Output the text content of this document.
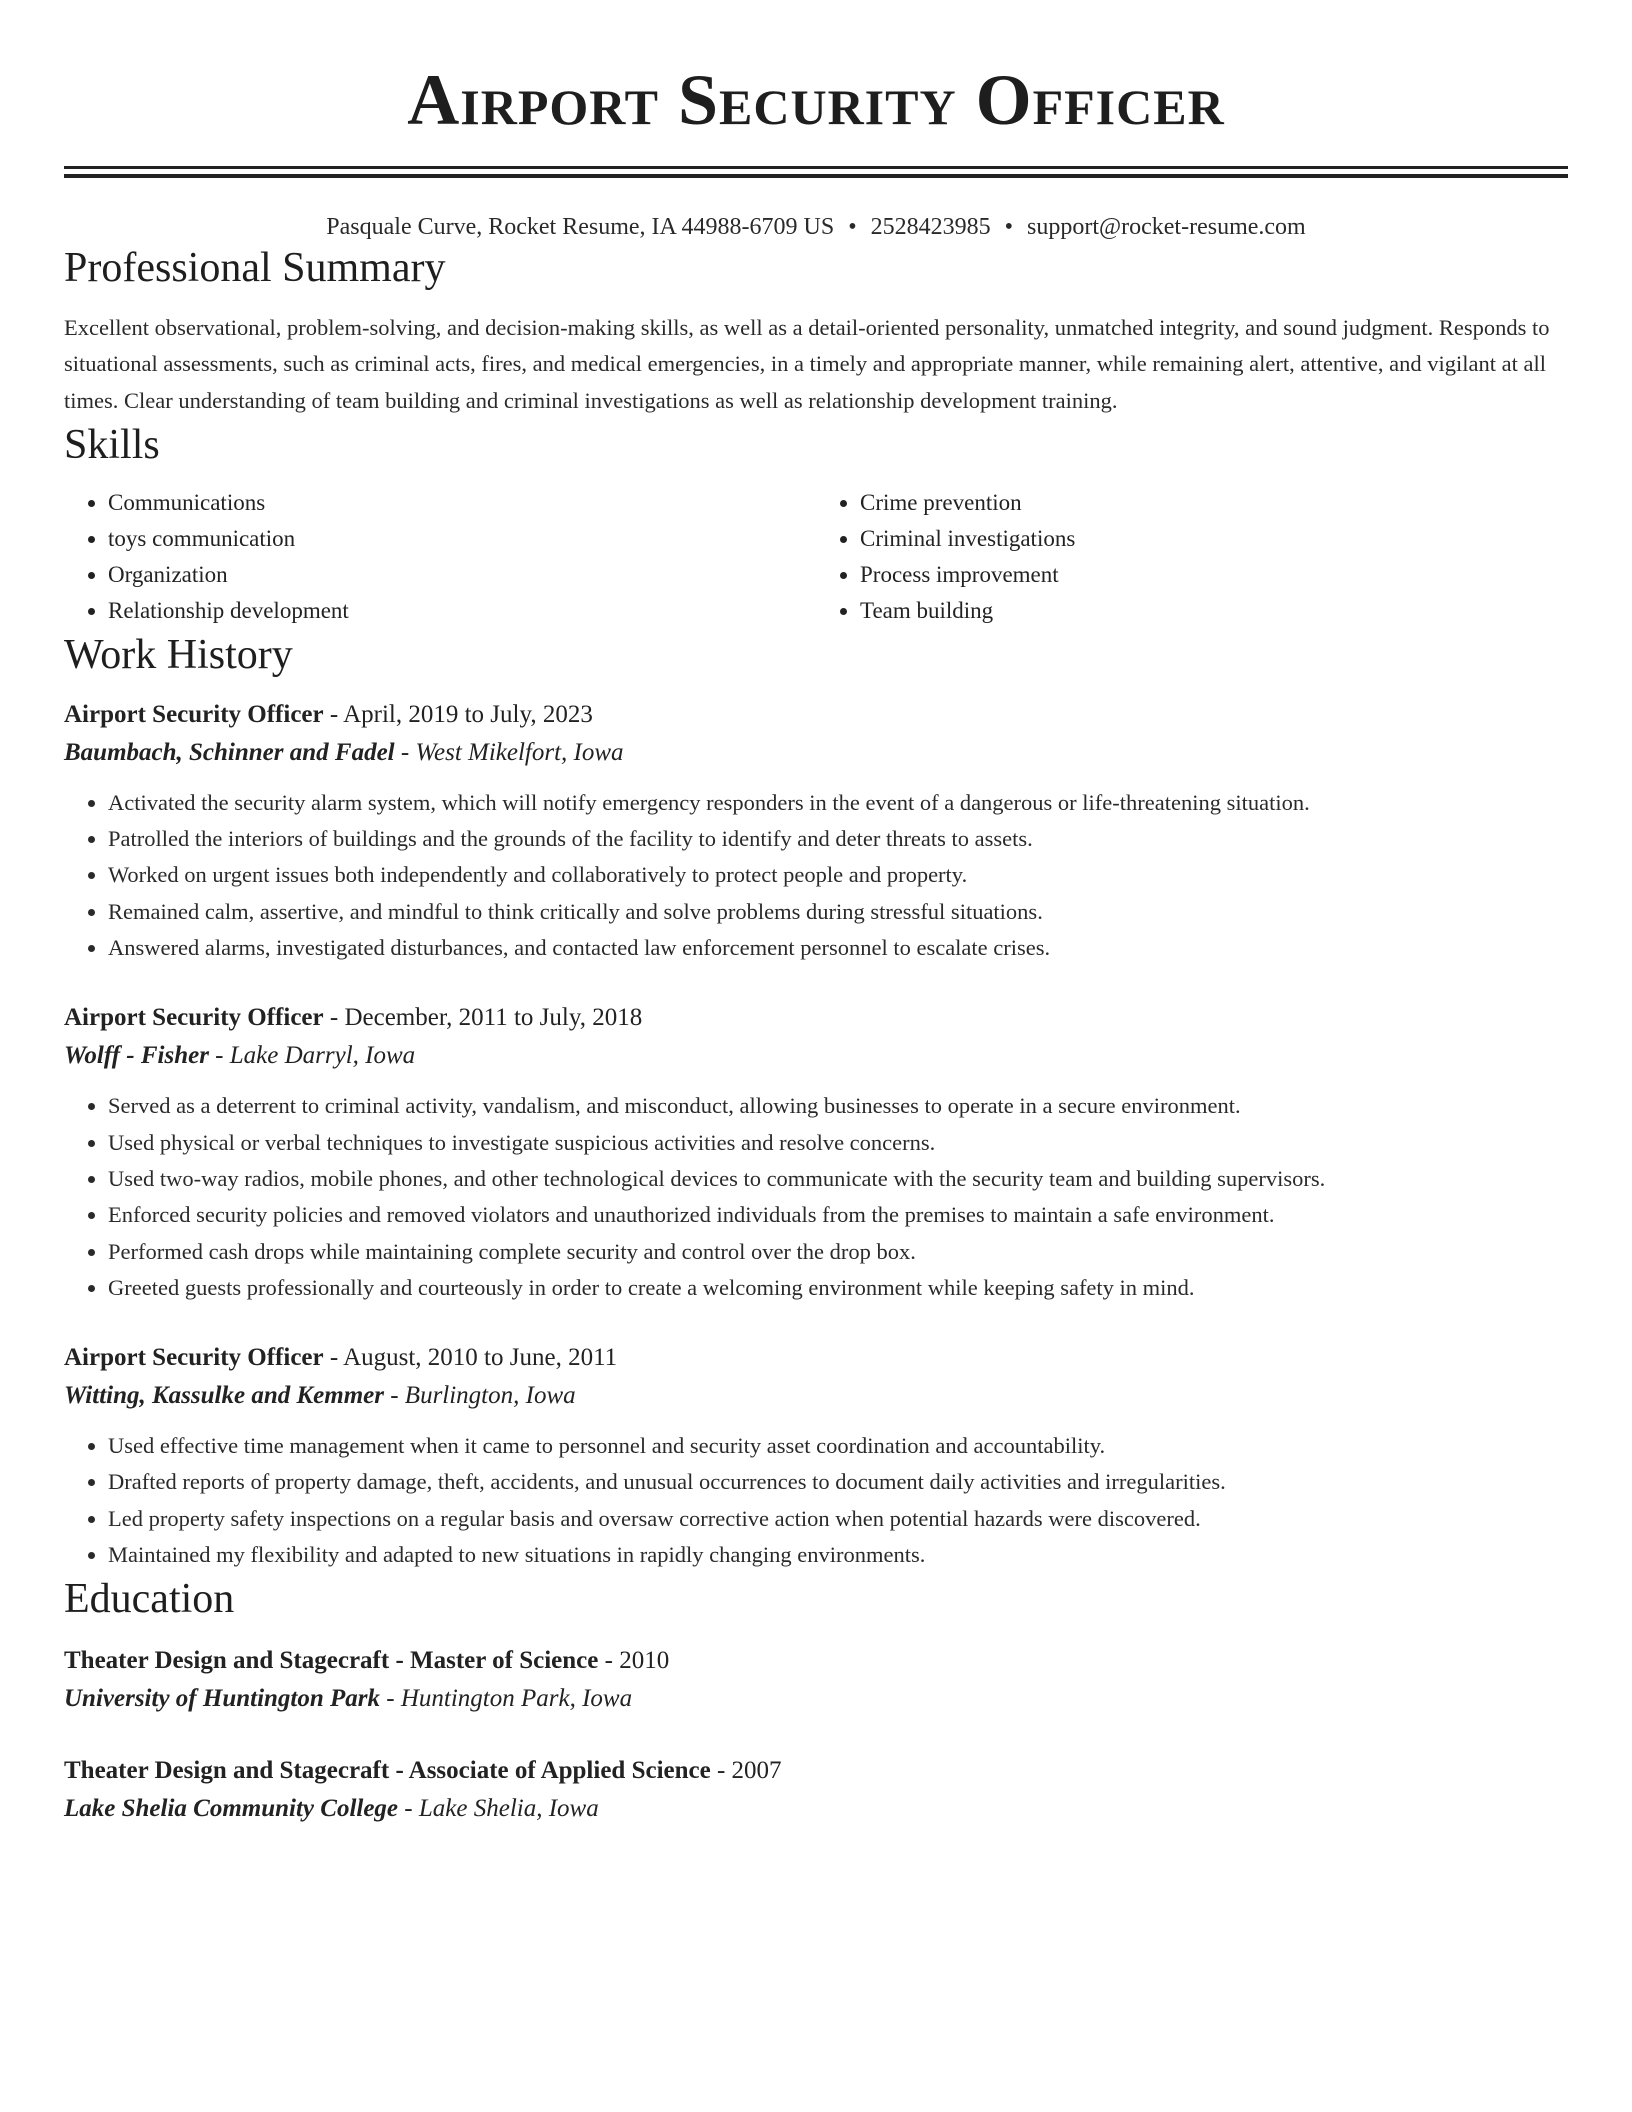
Airport Security Officer
Pasquale Curve, Rocket Resume, IA 44988-6709 US • 2528423985 • support@rocket-resume.com
Professional Summary

Excellent observational, problem-solving, and decision-making skills, as well as a detail-oriented personality, unmatched integrity, and sound judgment. Responds to situational assessments, such as criminal acts, fires, and medical emergencies, in a timely and appropriate manner, while remaining alert, attentive, and vigilant at all times. Clear understanding of team building and criminal investigations as well as relationship development training.

Skills
• Communications
• toys communication
• Organization
• Relationship development
• Crime prevention
• Criminal investigations
• Process improvement
• Team building
Work History
Airport Security Officer - April, 2019 to July, 2023
Baumbach, Schinner and Fadel - West Mikelfort, Iowa
• Activated the security alarm system, which will notify emergency responders in the event of a dangerous or life-threatening situation.
• Patrolled the interiors of buildings and the grounds of the facility to identify and deter threats to assets.
• Worked on urgent issues both independently and collaboratively to protect people and property.
• Remained calm, assertive, and mindful to think critically and solve problems during stressful situations.
• Answered alarms, investigated disturbances, and contacted law enforcement personnel to escalate crises.
Airport Security Officer - December, 2011 to July, 2018
Wolff - Fisher - Lake Darryl, Iowa
• Served as a deterrent to criminal activity, vandalism, and misconduct, allowing businesses to operate in a secure environment.
• Used physical or verbal techniques to investigate suspicious activities and resolve concerns.
• Used two-way radios, mobile phones, and other technological devices to communicate with the security team and building supervisors.
• Enforced security policies and removed violators and unauthorized individuals from the premises to maintain a safe environment.
• Performed cash drops while maintaining complete security and control over the drop box.
• Greeted guests professionally and courteously in order to create a welcoming environment while keeping safety in mind.
Airport Security Officer - August, 2010 to June, 2011
Witting, Kassulke and Kemmer - Burlington, Iowa
• Used effective time management when it came to personnel and security asset coordination and accountability.
• Drafted reports of property damage, theft, accidents, and unusual occurrences to document daily activities and irregularities.
• Led property safety inspections on a regular basis and oversaw corrective action when potential hazards were discovered.
• Maintained my flexibility and adapted to new situations in rapidly changing environments.
Education
Theater Design and Stagecraft - Master of Science - 2010
University of Huntington Park - Huntington Park, Iowa
Theater Design and Stagecraft - Associate of Applied Science - 2007
Lake Shelia Community College - Lake Shelia, Iowa
